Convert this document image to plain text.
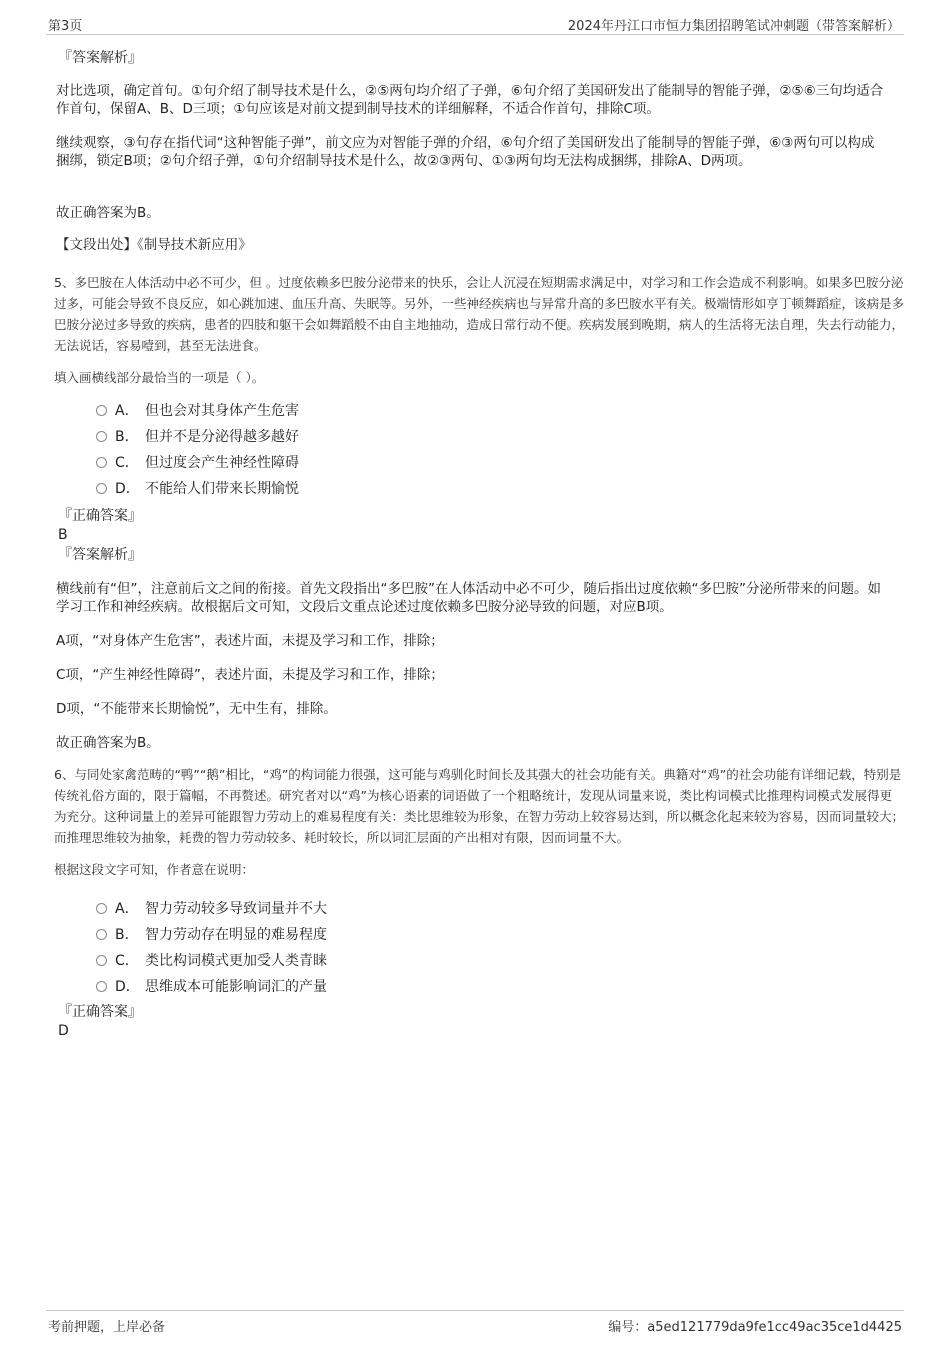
第3页	2024年丹江口市恒力集团招聘笔试冲刺题（带答案解析）
『答案解析』

对比选项，确定首句。①句介绍了制导技术是什么，②⑤两句均介绍了子弹，⑥句介绍了美国研发出了能制导的智能子弹，②⑤⑥三句均适合作首句，保留A、B、D三项；①句应该是对前文提到制导技术的详细解释，不适合作首句，排除C项。

继续观察，③句存在指代词“这种智能子弹”，前文应为对智能子弹的介绍，⑥句介绍了美国研发出了能制导的智能子弹，⑥③两句可以构成捆绑，锁定B项；②句介绍子弹，①句介绍制导技术是什么，故②③两句、①③两句均无法构成捆绑，排除A、D两项。

故正确答案为B。

【文段出处】《制导技术新应用》

5、多巴胺在人体活动中必不可少，但 。过度依赖多巴胺分泌带来的快乐，会让人沉浸在短期需求满足中，对学习和工作会造成不利影响。如果多巴胺分泌过多，可能会导致不良反应，如心跳加速、血压升高、失眠等。另外，一些神经疾病也与异常升高的多巴胺水平有关。极端情形如亨丁顿舞蹈症，该病是多巴胺分泌过多导致的疾病，患者的四肢和躯干会如舞蹈般不由自主地抽动，造成日常行动不便。疾病发展到晚期，病人的生活将无法自理，失去行动能力，无法说话，容易噎到，甚至无法进食。
填入画横线部分最恰当的一项是（ ）。
A． 但也会对其身体产生危害
B． 但并不是分泌得越多越好
C． 但过度会产生神经性障碍
D． 不能给人们带来长期愉悦
『正确答案』
B
『答案解析』

横线前有“但”，注意前后文之间的衔接。首先文段指出“多巴胺”在人体活动中必不可少，随后指出过度依赖“多巴胺”分泌所带来的问题。如学习工作和神经疾病。故根据后文可知，文段后文重点论述过度依赖多巴胺分泌导致的问题，对应B项。

A项，“对身体产生危害”，表述片面，未提及学习和工作，排除；

C项，“产生神经性障碍”，表述片面，未提及学习和工作，排除；

D项，“不能带来长期愉悦”，无中生有，排除。

故正确答案为B。

6、与同处家禽范畴的“鸭”“鹅”相比，“鸡”的构词能力很强，这可能与鸡驯化时间长及其强大的社会功能有关。典籍对“鸡”的社会功能有详细记载，特别是传统礼俗方面的，限于篇幅，不再赘述。研究者对以“鸡”为核心语素的词语做了一个粗略统计，发现从词量来说，类比构词模式比推理构词模式发展得更为充分。这种词量上的差异可能跟智力劳动上的难易程度有关：类比思维较为形象，在智力劳动上较容易达到，所以概念化起来较为容易，因而词量较大；而推理思维较为抽象，耗费的智力劳动较多、耗时较长，所以词汇层面的产出相对有限，因而词量不大。
根据这段文字可知，作者意在说明：
A． 智力劳动较多导致词量并不大
B． 智力劳动存在明显的难易程度
C． 类比构词模式更加受人类青睐
D． 思维成本可能影响词汇的产量
『正确答案』
D
考前押题，上岸必备	编号：a5ed121779da9fe1cc49ac35ce1d4425
